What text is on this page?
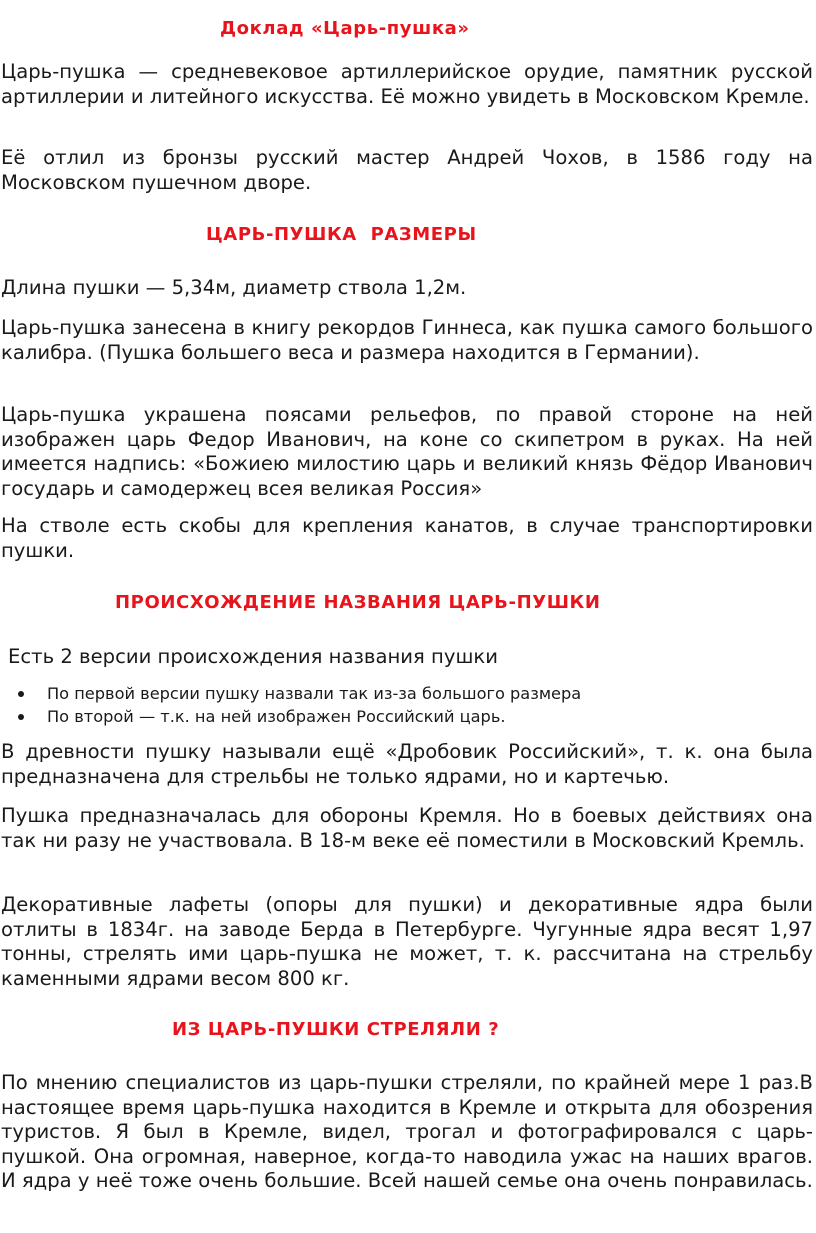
Доклад «Царь-пушка»

Царь-пушка — средневековое артиллерийское орудие, памятник русской артиллерии и литейного искусства. Её можно увидеть в Московском Кремле.

Её отлил из бронзы русский мастер Андрей Чохов, в 1586 году на Московском пушечном дворе.

ЦАРЬ-ПУШКА  РАЗМЕРЫ

Длина пушки — 5,34м, диаметр ствола 1,2м.

Царь-пушка занесена в книгу рекордов Гиннеса, как пушка самого большого калибра. (Пушка большего веса и размера находится в Германии).

Царь-пушка украшена поясами рельефов, по правой стороне на ней изображен царь Федор Иванович, на коне со скипетром в руках. На ней имеется надпись: «Божиею милостию царь и великий князь Фёдор Иванович государь и самодержец всея великая Россия»

На стволе есть скобы для крепления канатов, в случае транспортировки пушки.

ПРОИСХОЖДЕНИЕ НАЗВАНИЯ ЦАРЬ-ПУШКИ

Есть 2 версии происхождения названия пушки

По первой версии пушку назвали так из-за большого размера
По второй — т.к. на ней изображен Российский царь.

В древности пушку называли ещё «Дробовик Российский», т. к. она была предназначена для стрельбы не только ядрами, но и картечью.

Пушка предназначалась для обороны Кремля. Но в боевых действиях она так ни разу не участвовала. В 18-м веке её поместили в Московский Кремль.

Декоративные лафеты (опоры для пушки) и декоративные ядра были отлиты в 1834г. на заводе Берда в Петербурге. Чугунные ядра весят 1,97 тонны, стрелять ими царь-пушка не может, т. к. рассчитана на стрельбу каменными ядрами весом 800 кг.

ИЗ ЦАРЬ-ПУШКИ СТРЕЛЯЛИ ?

По мнению специалистов из царь-пушки стреляли, по крайней мере 1 раз.В настоящее время царь-пушка находится в Кремле и открыта для обозрения туристов. Я был в Кремле, видел, трогал и фотографировался с царь-пушкой. Она огромная, наверное, когда-то наводила ужас на наших врагов. И ядра у неё тоже очень большие. Всей нашей семье она очень понравилась.
